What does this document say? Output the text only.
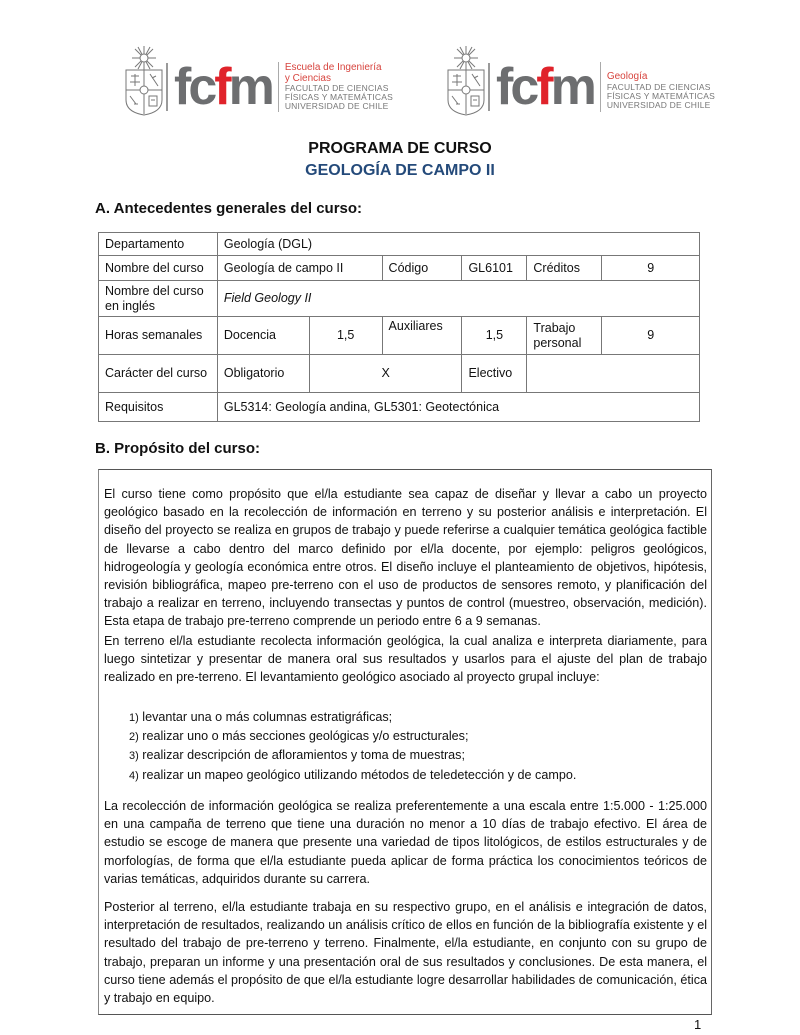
fcfm Escuela de Ingeniería
y Ciencias
FACULTAD DE CIENCIAS
FÍSICAS Y MATEMÁTICAS
UNIVERSIDAD DE CHILE fcfm Geología
FACULTAD DE CIENCIAS
FÍSICAS Y MATEMÁTICAS
UNIVERSIDAD DE CHILE
PROGRAMA DE CURSO
GEOLOGÍA DE CAMPO II
A. Antecedentes generales del curso:
Departamento	Geología (DGL)					
Nombre del curso	Geología de campo II		Código	GL6101	Créditos	9
Nombre del curso en inglés	Field Geology II					
Horas semanales	Docencia	1,5	Auxiliares	1,5	Trabajo personal	9
Carácter del curso	Obligatorio	X		Electivo		
Requisitos	GL5314: Geología andina, GL5301: Geotectónica					
B. Propósito del curso:

El curso tiene como propósito que el/la estudiante sea capaz de diseñar y llevar a cabo un proyecto geológico basado en la recolección de información en terreno y su posterior análisis e interpretación. El diseño del proyecto se realiza en grupos de trabajo y puede referirse a cualquier temática geológica factible de llevarse a cabo dentro del marco definido por el/la docente, por ejemplo: peligros geológicos, hidrogeología y geología económica entre otros. El diseño incluye el planteamiento de objetivos, hipótesis, revisión bibliográfica, mapeo pre-terreno con el uso de productos de sensores remoto, y planificación del trabajo a realizar en terreno, incluyendo transectas y puntos de control (muestreo, observación, medición). Esta etapa de trabajo pre-terreno comprende un periodo entre 6 a 9 semanas.

En terreno el/la estudiante recolecta información geológica, la cual analiza e interpreta diariamente, para luego sintetizar y presentar de manera oral sus resultados y usarlos para el ajuste del plan de trabajo realizado en pre-terreno. El levantamiento geológico asociado al proyecto grupal incluye:

1) levantar una o más columnas estratigráficas;
2) realizar uno o más secciones geológicas y/o estructurales;
3) realizar descripción de afloramientos y toma de muestras;
4) realizar un mapeo geológico utilizando métodos de teledetección y de campo.

La recolección de información geológica se realiza preferentemente a una escala entre 1:5.000 - 1:25.000 en una campaña de terreno que tiene una duración no menor a 10 días de trabajo efectivo. El área de estudio se escoge de manera que presente una variedad de tipos litológicos, de estilos estructurales y de morfologías, de forma que el/la estudiante pueda aplicar de forma práctica los conocimientos teóricos de varias temáticas, adquiridos durante su carrera.

Posterior al terreno, el/la estudiante trabaja en su respectivo grupo, en el análisis e integración de datos, interpretación de resultados, realizando un análisis crítico de ellos en función de la bibliografía existente y el resultado del trabajo de pre-terreno y terreno. Finalmente, el/la estudiante, en conjunto con su grupo de trabajo, preparan un informe y una presentación oral de sus resultados y conclusiones. De esta manera, el curso tiene además el propósito de que el/la estudiante logre desarrollar habilidades de comunicación, ética y trabajo en equipo.

1
